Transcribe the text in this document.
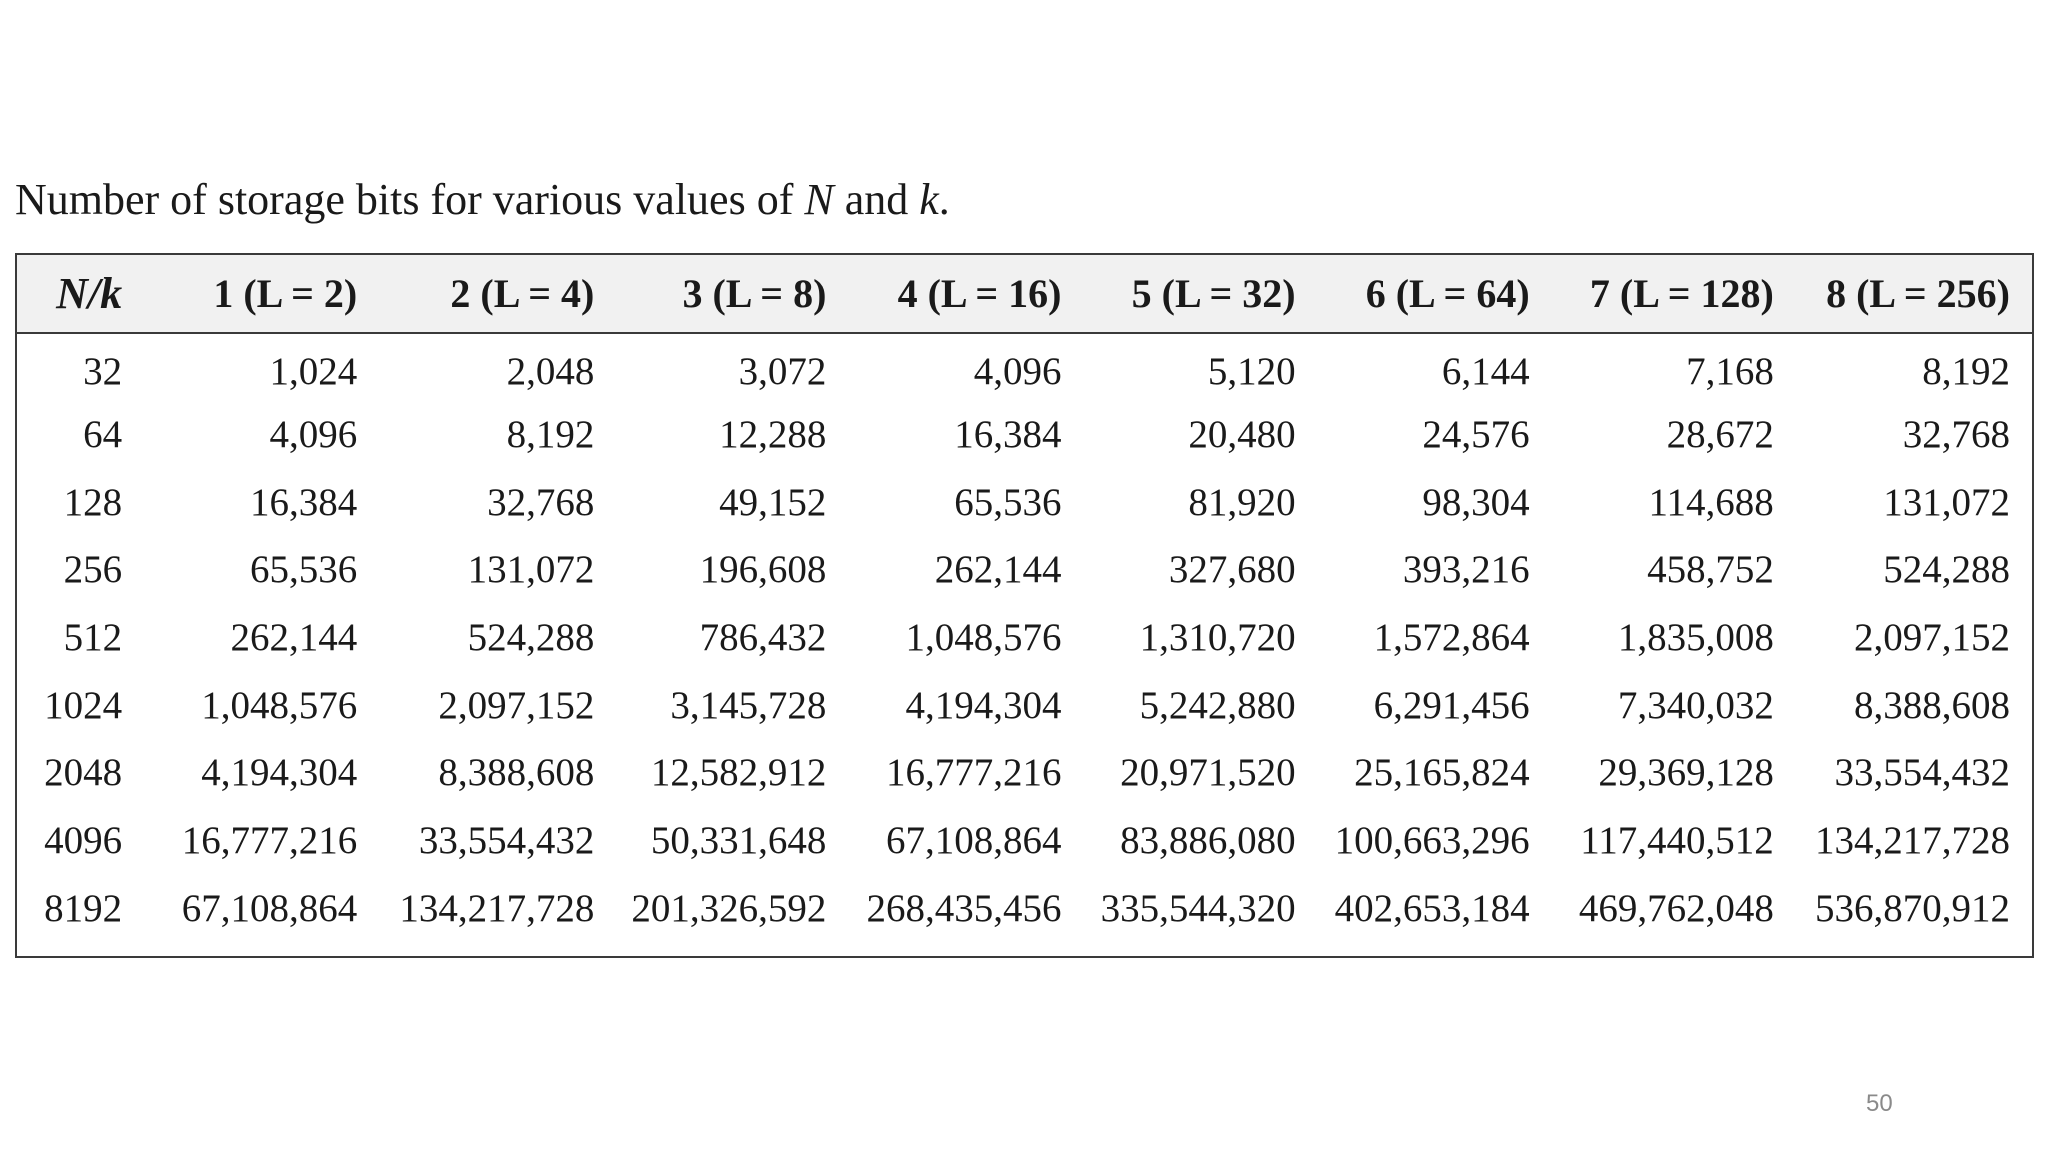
Number of storage bits for various values of N and k.
N/k	1 (L = 2)	2 (L = 4)	3 (L = 8)	4 (L = 16)	5 (L = 32)	6 (L = 64)	7 (L = 128)	8 (L = 256)
32	1,024	2,048	3,072	4,096	5,120	6,144	7,168	8,192
64	4,096	8,192	12,288	16,384	20,480	24,576	28,672	32,768
128	16,384	32,768	49,152	65,536	81,920	98,304	114,688	131,072
256	65,536	131,072	196,608	262,144	327,680	393,216	458,752	524,288
512	262,144	524,288	786,432	1,048,576	1,310,720	1,572,864	1,835,008	2,097,152
1024	1,048,576	2,097,152	3,145,728	4,194,304	5,242,880	6,291,456	7,340,032	8,388,608
2048	4,194,304	8,388,608	12,582,912	16,777,216	20,971,520	25,165,824	29,369,128	33,554,432
4096	16,777,216	33,554,432	50,331,648	67,108,864	83,886,080	100,663,296	117,440,512	134,217,728
8192	67,108,864	134,217,728	201,326,592	268,435,456	335,544,320	402,653,184	469,762,048	536,870,912
50
